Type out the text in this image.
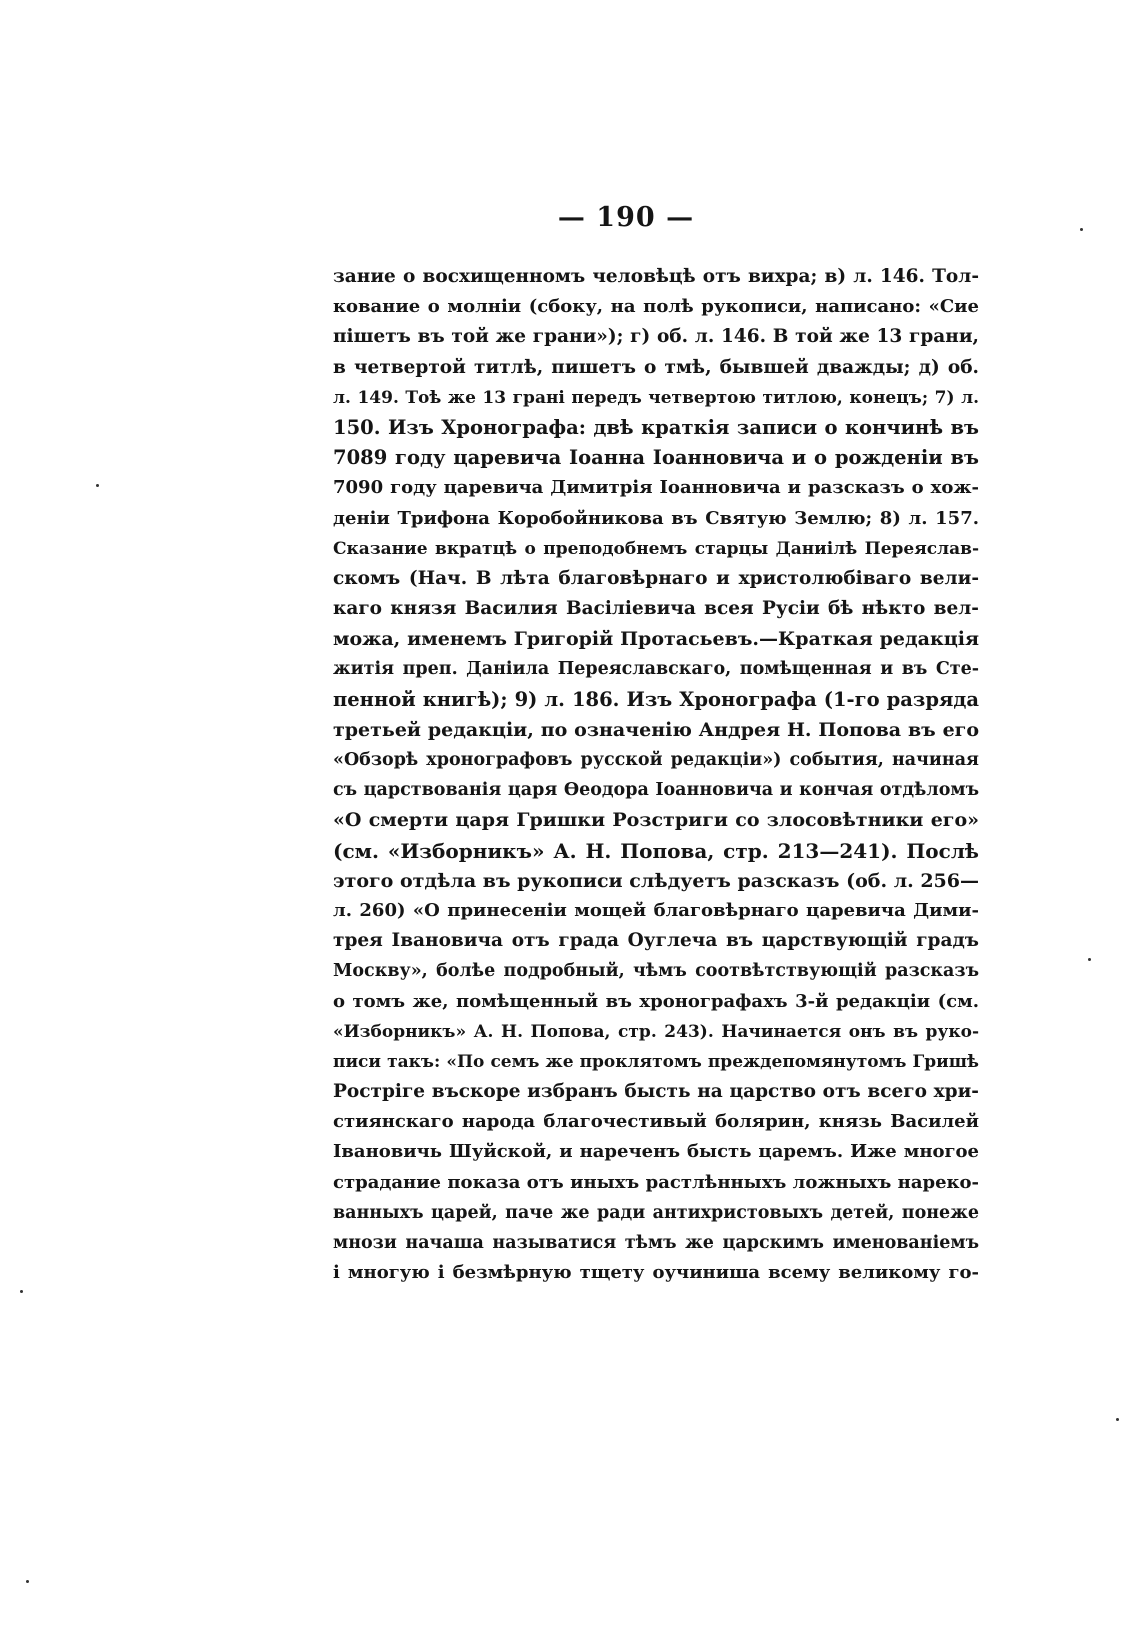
— 190 —
зание о восхищенномъ человѣцѣ отъ вихра; в) л. 146. Тол-
кование о молніи (сбоку, на полѣ рукописи, написано: «Сие
пішетъ въ той же грани»); г) об. л. 146. В той же 13 грани,
в четвертой титлѣ, пишетъ о тмѣ, бывшей дважды; д) об.
л. 149. Тоѣ же 13 грані передъ четвертою титлою, конецъ; 7) л.
150. Изъ Хронографа: двѣ краткія записи о кончинѣ въ
7089 году царевича Іоанна Іоанновича и о рожденіи въ
7090 году царевича Димитрія Іоанновича и разсказъ о хож-
деніи Трифона Коробойникова въ Святую Землю; 8) л. 157.
Сказание вкратцѣ о преподобнемъ старцы Даниілѣ Переяслав-
скомъ (Нач. В лѣта благовѣрнаго и христолюбіваго вели-
каго князя Василия Васіліевича всея Русіи бѣ нѣкто вел-
можа, именемъ Григорій Протасьевъ.—Краткая редакція
житія преп. Даніила Переяславскаго, помѣщенная и въ Сте-
пенной книгѣ); 9) л. 186. Изъ Хронографа (1-го разряда
третьей редакціи, по означенію Андрея Н. Попова въ его
«Обзорѣ хронографовъ русской редакціи») события, начиная
съ царствованія царя Өеодора Іоанновича и кончая отдѣломъ
«О смерти царя Гришки Розстриги со злосовѣтники его»
(см. «Изборникъ» А. Н. Попова, стр. 213—241). Послѣ
этого отдѣла въ рукописи слѣдуетъ разсказъ (об. л. 256—
л. 260) «О принесеніи мощей благовѣрнаго царевича Дими-
трея Івановича отъ града Оуглеча въ царствующій градъ
Москву», болѣе подробный, чѣмъ соотвѣтствующій разсказъ
о томъ же, помѣщенный въ хронографахъ 3-й редакціи (см.
«Изборникъ» А. Н. Попова, стр. 243). Начинается онъ въ руко-
писи такъ: «По семъ же проклятомъ преждепомянутомъ Гришѣ
Ростріге въскоре избранъ бысть на царство отъ всего хри-
стиянскаго народа благочестивый болярин, князь Василей
Івановичь Шуйской, и нареченъ бысть царемъ. Иже многое
страдание показа отъ иныхъ растлѣнныхъ ложныхъ нареко-
ванныхъ царей, паче же ради антихристовыхъ детей, понеже
мнози начаша называтися тѣмъ же царскимъ именованіемъ
і многую і безмѣрную тщету оучиниша всему великому го-
